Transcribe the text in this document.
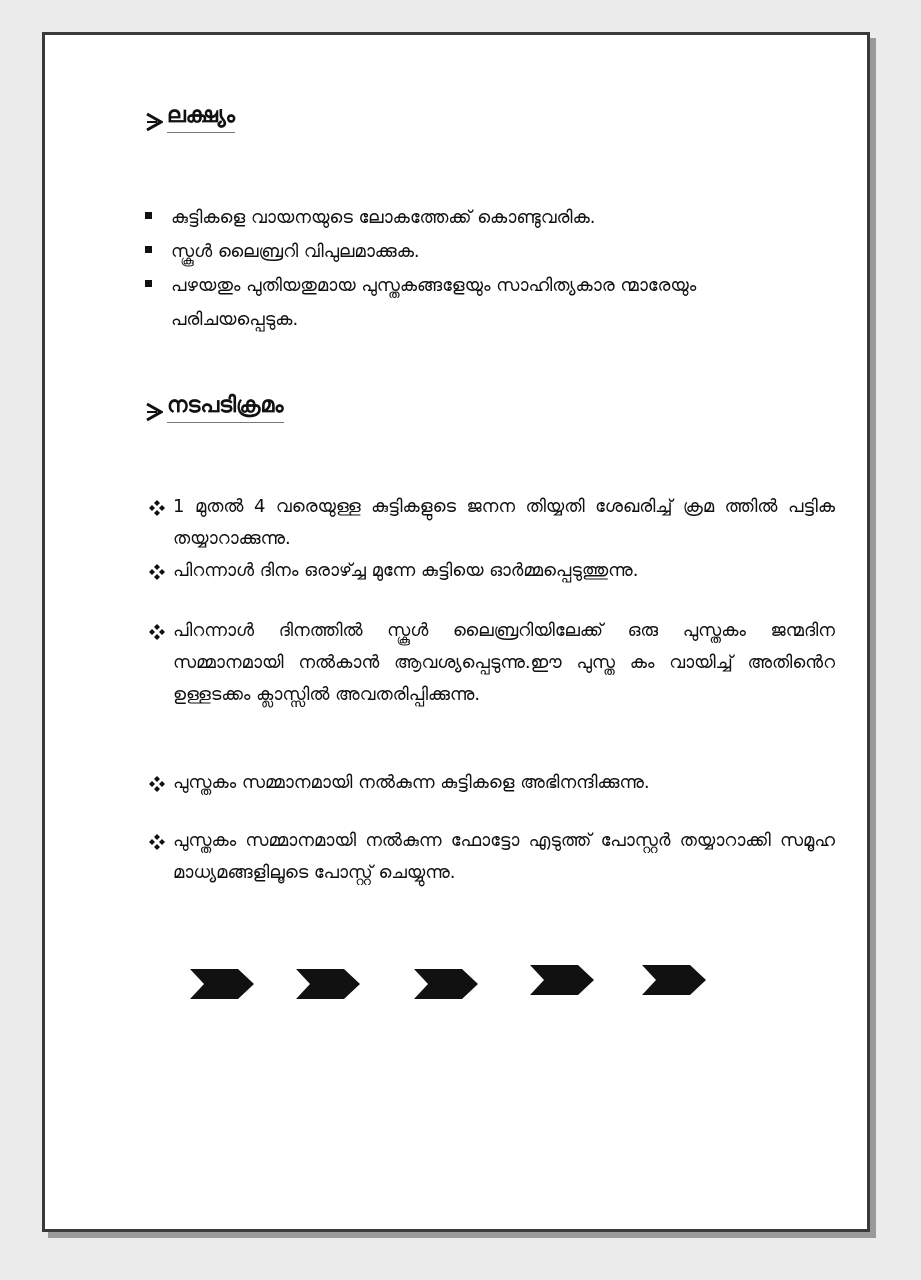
ലക്ഷ്യം
കുട്ടികളെ വായനയുടെ ലോകത്തേക്ക് കൊണ്ടുവരിക.
സ്കൂൾ ലൈബ്രറി വിപുലമാക്കുക.
പഴയതും പുതിയതുമായ പുസ്തകങ്ങളേയും സാഹിത്യകാര ന്മാരേയും പരിചയപ്പെടുക.
നടപടിക്രമം
1 മുതൽ 4 വരെയുള്ള കുട്ടികളുടെ ജനന തിയ്യതി ശേഖരിച്ച് ക്രമ ത്തിൽ പട്ടിക തയ്യാറാക്കുന്നു.
പിറന്നാൾ ദിനം ഒരാഴ്ച്ച മുന്നേ കുട്ടിയെ ഓർമ്മപ്പെടുത്തുന്നു.
പിറന്നാൾ ദിനത്തിൽ സ്കൂൾ ലൈബ്രറിയിലേക്ക് ഒരു പുസ്തകം ജന്മദിന സമ്മാനമായി നൽകാൻ ആവശ്യപ്പെടുന്നു.ഈ പുസ്ത കം വായിച്ച് അതിൻെറ ഉള്ളടക്കം ക്ലാസ്സിൽ അവതരിപ്പിക്കുന്നു.
പുസ്തകം സമ്മാനമായി നൽകുന്ന കുട്ടികളെ അഭിനന്ദിക്കുന്നു.
പുസ്തകം സമ്മാനമായി നൽകുന്ന ഫോട്ടോ എടുത്ത് പോസ്റ്റർ തയ്യാറാക്കി സമൂഹ മാധ്യമങ്ങളിലൂടെ പോസ്റ്റ് ചെയ്യുന്നു.
